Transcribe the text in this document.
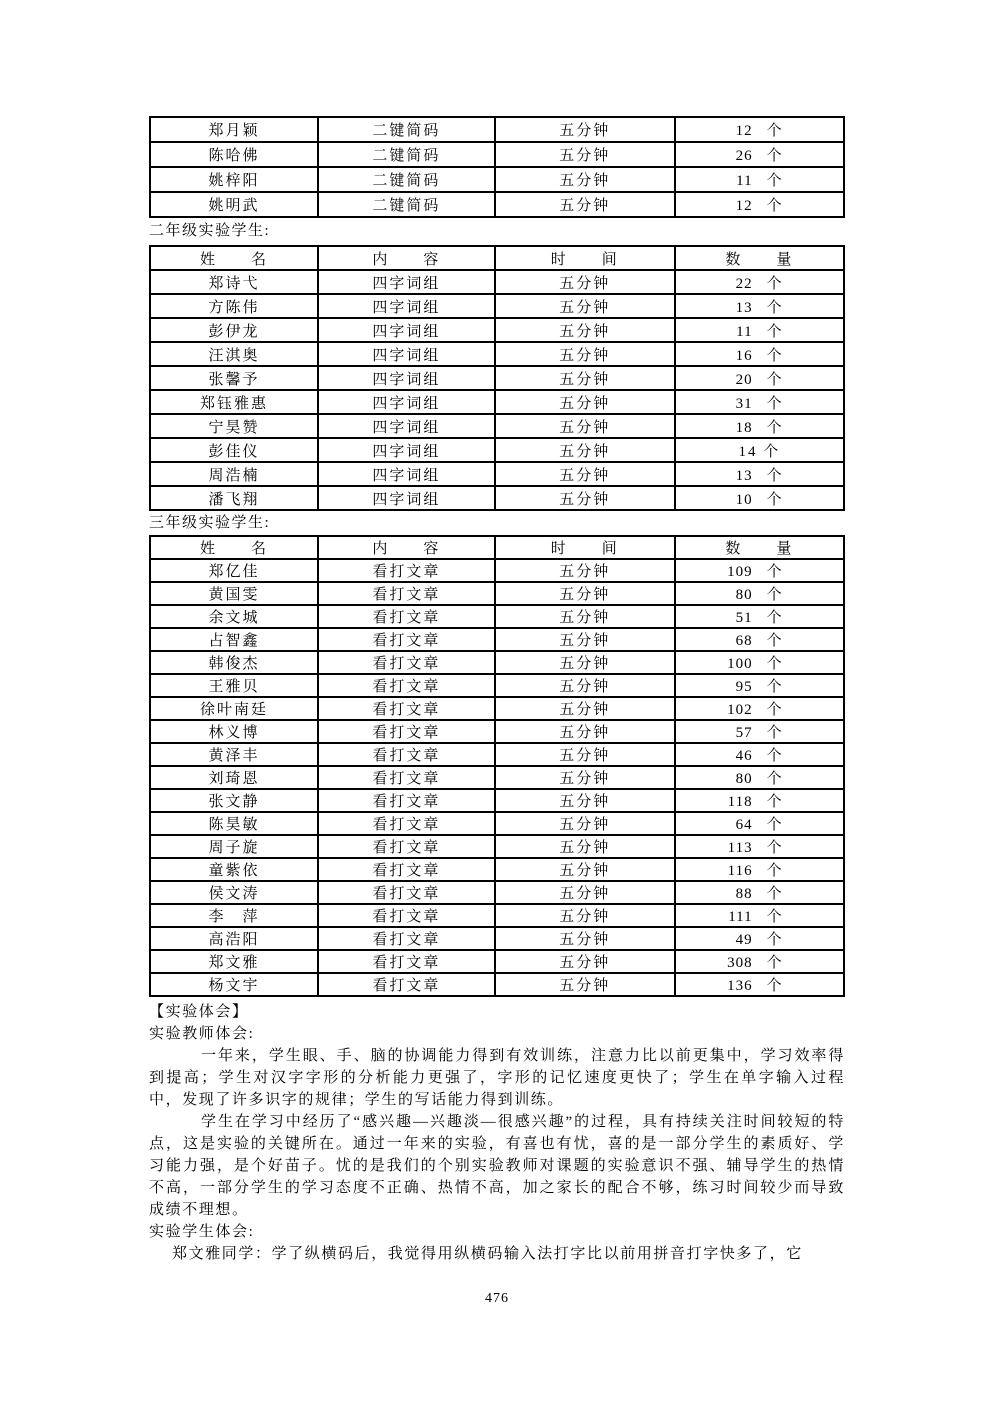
郑月颖	二键简码	五分钟	12 个
陈哈佛	二键简码	五分钟	26 个
姚梓阳	二键简码	五分钟	11 个
姚明武	二键简码	五分钟	12 个
二年级实验学生:
姓　　名	内　　容	时　　间	数　　量
郑诗弋	四字词组	五分钟	22 个
方陈伟	四字词组	五分钟	13 个
彭伊龙	四字词组	五分钟	11 个
汪淇奥	四字词组	五分钟	16 个
张馨予	四字词组	五分钟	20 个
郑钰雅惠	四字词组	五分钟	31 个
宁昊赞	四字词组	五分钟	18 个
彭佳仪	四字词组	五分钟	14 个
周浩楠	四字词组	五分钟	13 个
潘飞翔	四字词组	五分钟	10 个
三年级实验学生:
姓　　名	内　　容	时　　间	数　　量
郑亿佳	看打文章	五分钟	109 个
黄国雯	看打文章	五分钟	80 个
余文城	看打文章	五分钟	51 个
占智鑫	看打文章	五分钟	68 个
韩俊杰	看打文章	五分钟	100 个
王雅贝	看打文章	五分钟	95 个
徐叶南廷	看打文章	五分钟	102 个
林义博	看打文章	五分钟	57 个
黄泽丰	看打文章	五分钟	46 个
刘琦恩	看打文章	五分钟	80 个
张文静	看打文章	五分钟	118 个
陈昊敏	看打文章	五分钟	64 个
周子旋	看打文章	五分钟	113 个
童紫依	看打文章	五分钟	116 个
侯文涛	看打文章	五分钟	88 个
李　萍	看打文章	五分钟	111 个
高浩阳	看打文章	五分钟	49 个
郑文雅	看打文章	五分钟	308 个
杨文宇	看打文章	五分钟	136 个

【实验体会】

实验教师体会:

一年来，学生眼、手、脑的协调能力得到有效训练，注意力比以前更集中，学习效率得到提高；学生对汉字字形的分析能力更强了，字形的记忆速度更快了；学生在单字输入过程中，发现了许多识字的规律；学生的写话能力得到训练。

学生在学习中经历了“感兴趣—兴趣淡—很感兴趣”的过程，具有持续关注时间较短的特点，这是实验的关键所在。通过一年来的实验，有喜也有忧，喜的是一部分学生的素质好、学习能力强，是个好苗子。忧的是我们的个别实验教师对课题的实验意识不强、辅导学生的热情不高，一部分学生的学习态度不正确、热情不高，加之家长的配合不够，练习时间较少而导致成绩不理想。

实验学生体会:

郑文雅同学：学了纵横码后，我觉得用纵横码输入法打字比以前用拼音打字快多了，它

476
